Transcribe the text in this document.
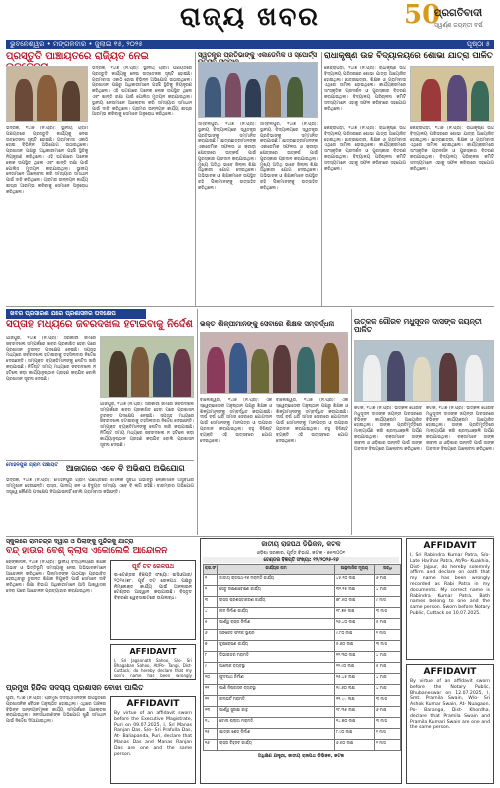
ରାଜ୍ୟ ଖବର	50
ପ୍ରଗତିବାଦୀ
ସ୍ୱର୍ଣ୍ଣ ଜୟନ୍ତୀ ବର୍ଷ
ଭୁବନେଶ୍ୱର • ମଙ୍ଗଳବାର • ଜୁଲାଇ ୧୫, ୨୦୨୫	ପୃଷ୍ଠା ୫
ପ୍ରସ୍ତୁତି ପାଞ୍ଚାୟତରେ ରାଜ୍ୟିତ ନେଇ
ଭଦ୍ରକ, ୧୪ା୭ (ନି.ପ୍ର): ସ୍ଥାନୀୟ ଗ୍ରାମ ପଞ୍ଚାୟତରେ ପ୍ରସ୍ତୁତି କାର୍ଯ୍ୟକୁ ନେଇ ଉତ୍ତେଜନା ସୃଷ୍ଟି ହୋଇଛି। ଗ୍ରାମବାସୀ ଏକାଠି ହୋଇ ବିଭିନ୍ନ ଅଭିଯୋଗ ଉଠାଇଥିଲେ। ପ୍ରଶାସନ ପକ୍ଷରୁ ଅଧିକାରୀମାନେ ପହଞ୍ଚି ସ୍ଥିତିକୁ ନିୟନ୍ତ୍ରଣ କରିଥିଲେ। ଏହି ଘଟଣାରେ ଅନେକ ଲୋକ ଉପସ୍ଥିତ ଥିଲେ ଏବଂ ଶାନ୍ତି ରକ୍ଷା ପାଇଁ ପୋଲିସ ମୁତୟନ କରାଯାଇଥିଲା। ସ୍ଥାନୀୟ ନେତାମାନେ ଆଲୋଚନା କରି ସମସ୍ୟାର ସମାଧାନ ପାଇଁ ଦାବି କରିଥିଲେ। ଗ୍ରାମର ଉନ୍ନୟନ କାର୍ଯ୍ୟ ଶୀଘ୍ର ଆରମ୍ଭ କରିବାକୁ ସେମାନେ ଅନୁରୋଧ କରିଥିଲେ।
ଭଦ୍ରକ, ୧୪ା୭ (ନି.ପ୍ର): ସ୍ଥାନୀୟ ଗ୍ରାମ ପଞ୍ଚାୟତରେ ପ୍ରସ୍ତୁତି କାର୍ଯ୍ୟକୁ ନେଇ ଉତ୍ତେଜନା ସୃଷ୍ଟି ହୋଇଛି। ଗ୍ରାମବାସୀ ଏକାଠି ହୋଇ ବିଭିନ୍ନ ଅଭିଯୋଗ ଉଠାଇଥିଲେ। ପ୍ରଶାସନ ପକ୍ଷରୁ ଅଧିକାରୀମାନେ ପହଞ୍ଚି ସ୍ଥିତିକୁ ନିୟନ୍ତ୍ରଣ କରିଥିଲେ। ଏହି ଘଟଣାରେ ଅନେକ ଲୋକ ଉପସ୍ଥିତ ଥିଲେ ଏବଂ ଶାନ୍ତି ରକ୍ଷା ପାଇଁ ପୋଲିସ ମୁତୟନ କରାଯାଇଥିଲା। ସ୍ଥାନୀୟ ନେତାମାନେ ଆଲୋଚନା କରି ସମସ୍ୟାର ସମାଧାନ ପାଇଁ ଦାବି କରିଥିଲେ। ଗ୍ରାମର ଉନ୍ନୟନ କାର୍ଯ୍ୟ ଶୀଘ୍ର ଆରମ୍ଭ କରିବାକୁ ସେମାନେ ଅନୁରୋଧ କରିଥିଲେ।
ସ୍ୱତନ୍ତ୍ର ପ୍ରତିଭାଙ୍କୁ ଏକାଡେମିକ ଓ ସ୍ପୋର୍ଟ୍ସ
ସମ୍ବଲପୁର, ୧୪ା୭ (ନି.ପ୍ର): ସ୍ଥାନୀୟ ବିଦ୍ୟାଳୟରେ ସ୍ୱତନ୍ତ୍ର ପ୍ରତିଭାଙ୍କୁ ସମ୍ମାନିତ କରାଯାଇଛି। ଛାତ୍ରଛାତ୍ରୀମାନଙ୍କ ଏକାଡେମିକ ସଫଳତା ଓ କ୍ରୀଡ଼ା କ୍ଷେତ୍ରରେ ଉତ୍କର୍ଷ ପାଇଁ ପୁରସ୍କାର ପ୍ରଦାନ କରାଯାଇଥିଲା। ମୁଖ୍ୟ ଅତିଥି ଭାବେ ଜିଲ୍ଲା ଶିକ୍ଷା ଅଧିକାରୀ ଯୋଗ ଦେଇଥିଲେ। ଅଭିଭାବକ ଓ ଶିକ୍ଷକମାନେ ଉପସ୍ଥିତ ରହି ପିଲାମାନଙ୍କୁ ଉତ୍ସାହିତ କରିଥିଲେ।
ସମ୍ବଲପୁର, ୧୪ା୭ (ନି.ପ୍ର): ସ୍ଥାନୀୟ ବିଦ୍ୟାଳୟରେ ସ୍ୱତନ୍ତ୍ର ପ୍ରତିଭାଙ୍କୁ ସମ୍ମାନିତ କରାଯାଇଛି। ଛାତ୍ରଛାତ୍ରୀମାନଙ୍କ ଏକାଡେମିକ ସଫଳତା ଓ କ୍ରୀଡ଼ା କ୍ଷେତ୍ରରେ ଉତ୍କର୍ଷ ପାଇଁ ପୁରସ୍କାର ପ୍ରଦାନ କରାଯାଇଥିଲା। ମୁଖ୍ୟ ଅତିଥି ଭାବେ ଜିଲ୍ଲା ଶିକ୍ଷା ଅଧିକାରୀ ଯୋଗ ଦେଇଥିଲେ। ଅଭିଭାବକ ଓ ଶିକ୍ଷକମାନେ ଉପସ୍ଥିତ ରହି ପିଲାମାନଙ୍କୁ ଉତ୍ସାହିତ କରିଥିଲେ।
ରାଧାକୃଷ୍ଣ ଉଚ୍ଚ ବିଦ୍ୟାଳୟରେ ଶୋଭା ଯାତ୍ରା ପାଳିତ
କେନ୍ଦ୍ରାପଡ଼ା, ୧୪ା୭ (ନି.ପ୍ର): ରାଧାକୃଷ୍ଣ ଉଚ୍ଚ ବିଦ୍ୟାଳୟ ପରିସରରେ ଶୋଭା ଯାତ୍ରା ଆୟୋଜିତ ହୋଇଥିଲା। ଛାତ୍ରଛାତ୍ରୀ, ଶିକ୍ଷକ ଓ ଗ୍ରାମବାସୀ ଏଥିରେ ସାମିଲ ହୋଇଥିଲେ। କାର୍ଯ୍ୟକ୍ରମରେ ସାଂସ୍କୃତିକ ପ୍ରଦର୍ଶନ ଓ ପୁରସ୍କାର ବିତରଣ କରାଯାଇଥିଲା। ବିଦ୍ୟାଳୟ ପରିଚାଳନା କମିଟି ସଦସ୍ୟମାନେ ଏହାକୁ ସଫଳ କରିବାରେ ସହଯୋଗ କରିଥିଲେ।
କେନ୍ଦ୍ରାପଡ଼ା, ୧୪ା୭ (ନି.ପ୍ର): ରାଧାକୃଷ୍ଣ ଉଚ୍ଚ ବିଦ୍ୟାଳୟ ପରିସରରେ ଶୋଭା ଯାତ୍ରା ଆୟୋଜିତ ହୋଇଥିଲା। ଛାତ୍ରଛାତ୍ରୀ, ଶିକ୍ଷକ ଓ ଗ୍ରାମବାସୀ ଏଥିରେ ସାମିଲ ହୋଇଥିଲେ। କାର୍ଯ୍ୟକ୍ରମରେ ସାଂସ୍କୃତିକ ପ୍ରଦର୍ଶନ ଓ ପୁରସ୍କାର ବିତରଣ କରାଯାଇଥିଲା। ବିଦ୍ୟାଳୟ ପରିଚାଳନା କମିଟି ସଦସ୍ୟମାନେ ଏହାକୁ ସଫଳ କରିବାରେ ସହଯୋଗ କରିଥିଲେ।
କେନ୍ଦ୍ରାପଡ଼ା, ୧୪ା୭ (ନି.ପ୍ର): ରାଧାକୃଷ୍ଣ ଉଚ୍ଚ ବିଦ୍ୟାଳୟ ପରିସରରେ ଶୋଭା ଯାତ୍ରା ଆୟୋଜିତ ହୋଇଥିଲା। ଛାତ୍ରଛାତ୍ରୀ, ଶିକ୍ଷକ ଓ ଗ୍ରାମବାସୀ ଏଥିରେ ସାମିଲ ହୋଇଥିଲେ। କାର୍ଯ୍ୟକ୍ରମରେ ସାଂସ୍କୃତିକ ପ୍ରଦର୍ଶନ ଓ ପୁରସ୍କାର ବିତରଣ କରାଯାଇଥିଲା। ବିଦ୍ୟାଳୟ ପରିଚାଳନା କମିଟି ସଦସ୍ୟମାନେ ଏହାକୁ ସଫଳ କରିବାରେ ସହଯୋଗ କରିଥିଲେ।
ଖବର ପ୍ରସାରଣ ଯରେ ପ୍ରଶାସନର ପଦକ୍ଷେପ
ସପ୍ତାହ ମଧ୍ୟରେ ଜବରଦଖଲ ହଟାଇବାକୁ ନିର୍ଦ୍ଦେଶ
ଯାଜପୁର, ୧୪ା୭ (ନି.ପ୍ର): ସରକାରୀ ଜମିରେ ଜବରଦଖଲ ସମ୍ପର୍କରେ ଖବର ପ୍ରକାଶିତ ହେବା ପରେ ପ୍ରଶାସନ ତୁରନ୍ତ ପଦକ୍ଷେପ ନେଇଛି। ସପ୍ତାହ ମଧ୍ୟରେ ଜବରଦଖଲ ହଟାଇବାକୁ ତହସିଲଦାର ନିର୍ଦ୍ଦେଶ ଦେଇଛନ୍ତି। ସମ୍ପୃକ୍ତ ବ୍ୟକ୍ତିମାନଙ୍କୁ ନୋଟିସ ଜାରି କରାଯାଇଛି। ନିର୍ଦ୍ଦିଷ୍ଟ ସମୟ ମଧ୍ୟରେ ଜବରଦଖଲ ନ ହଟିଲେ କଡ଼ା କାର୍ଯ୍ୟାନୁଷ୍ଠାନ ଗ୍ରହଣ କରାଯିବ ବୋଲି ପ୍ରଶାସନ ସୂଚନା ଦେଇଛି।
ଯାଜପୁର, ୧୪ା୭ (ନି.ପ୍ର): ସରକାରୀ ଜମିରେ ଜବରଦଖଲ ସମ୍ପର୍କରେ ଖବର ପ୍ରକାଶିତ ହେବା ପରେ ପ୍ରଶାସନ ତୁରନ୍ତ ପଦକ୍ଷେପ ନେଇଛି। ସପ୍ତାହ ମଧ୍ୟରେ ଜବରଦଖଲ ହଟାଇବାକୁ ତହସିଲଦାର ନିର୍ଦ୍ଦେଶ ଦେଇଛନ୍ତି। ସମ୍ପୃକ୍ତ ବ୍ୟକ୍ତିମାନଙ୍କୁ ନୋଟିସ ଜାରି କରାଯାଇଛି। ନିର୍ଦ୍ଦିଷ୍ଟ ସମୟ ମଧ୍ୟରେ ଜବରଦଖଲ ନ ହଟିଲେ କଡ଼ା କାର୍ଯ୍ୟାନୁଷ୍ଠାନ ଗ୍ରହଣ କରାଯିବ ବୋଲି ପ୍ରଶାସନ ସୂଚନା ଦେଇଛି।
ଭକ୍ତ ଶିଳ୍ପୀମାନଙ୍କୁ ସେବାରେ ଶିକ୍ଷକ ସମ୍ବର୍ଦ୍ଧନା
ବାଲେଶ୍ୱର, ୧୪ା୭ (ନି.ପ୍ର): ଏକ ସ୍ୱେଚ୍ଛାସେବୀ ଅନୁଷ୍ଠାନ ପକ୍ଷରୁ ଶିକ୍ଷକ ଓ ଶିଳ୍ପୀମାନଙ୍କୁ ସମ୍ବର୍ଦ୍ଧିତ କରାଯାଇଛି। ଦୀର୍ଘ ବର୍ଷ ଧରି ସମାଜ ସେବାରେ ଯୋଗଦାନ ପାଇଁ ସେମାନଙ୍କୁ ମାନପତ୍ର ଓ ଉପହାର ପ୍ରଦାନ କରାଯାଇଥିଲା। ବହୁ ବିଶିଷ୍ଟ ବ୍ୟକ୍ତି ଏହି ଉତ୍ସବରେ ଯୋଗ ଦେଇଥିଲେ।
ବାଲେଶ୍ୱର, ୧୪ା୭ (ନି.ପ୍ର): ଏକ ସ୍ୱେଚ୍ଛାସେବୀ ଅନୁଷ୍ଠାନ ପକ୍ଷରୁ ଶିକ୍ଷକ ଓ ଶିଳ୍ପୀମାନଙ୍କୁ ସମ୍ବର୍ଦ୍ଧିତ କରାଯାଇଛି। ଦୀର୍ଘ ବର୍ଷ ଧରି ସମାଜ ସେବାରେ ଯୋଗଦାନ ପାଇଁ ସେମାନଙ୍କୁ ମାନପତ୍ର ଓ ଉପହାର ପ୍ରଦାନ କରାଯାଇଥିଲା। ବହୁ ବିଶିଷ୍ଟ ବ୍ୟକ୍ତି ଏହି ଉତ୍ସବରେ ଯୋଗ ଦେଇଥିଲେ।
ଉତ୍କଳ ଗୌରବ ମଧୁସୂଦନ ଦାସଙ୍କ ଜୟନ୍ତୀ ପାଳିତ
କଟକ, ୧୪ା୭ (ନି.ପ୍ର): ଉତ୍କଳ ଗୌରବ ମଧୁସୂଦନ ଦାସଙ୍କ ଜୟନ୍ତୀ ଅବସରରେ ବିଭିନ୍ନ କାର୍ଯ୍ୟକ୍ରମ ଆୟୋଜିତ ହୋଇଥିଲା। ତାଙ୍କ ପ୍ରତିମୂର୍ତ୍ତିରେ ମାଲ୍ୟାର୍ପଣ କରି ଶ୍ରଦ୍ଧାଞ୍ଜଳି ଅର୍ପଣ କରାଯାଇଥିଲା। ବକ୍ତାମାନେ ତାଙ୍କ ଜୀବନୀ ଓ ଓଡ଼ିଶାର ଉନ୍ନତି ପାଇଁ ତାଙ୍କ ଅବଦାନ ବିଷୟରେ ଆଲୋଚନା କରିଥିଲେ।
କଟକ, ୧୪ା୭ (ନି.ପ୍ର): ଉତ୍କଳ ଗୌରବ ମଧୁସୂଦନ ଦାସଙ୍କ ଜୟନ୍ତୀ ଅବସରରେ ବିଭିନ୍ନ କାର୍ଯ୍ୟକ୍ରମ ଆୟୋଜିତ ହୋଇଥିଲା। ତାଙ୍କ ପ୍ରତିମୂର୍ତ୍ତିରେ ମାଲ୍ୟାର୍ପଣ କରି ଶ୍ରଦ୍ଧାଞ୍ଜଳି ଅର୍ପଣ କରାଯାଇଥିଲା। ବକ୍ତାମାନେ ତାଙ୍କ ଜୀବନୀ ଓ ଓଡ଼ିଶାର ଉନ୍ନତି ପାଇଁ ତାଙ୍କ ଅବଦାନ ବିଷୟରେ ଆଲୋଚନା କରିଥିଲେ।
ମୋହନପୁର ଗ୍ରାମ ପଞ୍ଚାୟତ	ଆଜାଗରେ ଏବେ ବି ଅଭିଶପ ଅଭିଯୋଗ
ଭଦ୍ରକ, ୧୪ା୭ (ନି.ପ୍ର): ମୋହନପୁର ଗ୍ରାମ ପଞ୍ଚାୟତରେ ମୌଳିକ ସୁବିଧା ଅଭାବରୁ ଲୋକମାନେ ଅସୁବିଧାର ସମ୍ମୁଖୀନ ହେଉଛନ୍ତି। ରାସ୍ତା, ପାନୀୟ ଜଳ ଓ ବିଦ୍ୟୁତ ସମସ୍ୟା ଏବେ ବି ଲାଗି ରହିଛି। ବାରମ୍ବାର ଅଭିଯୋଗ ସତ୍ତ୍ୱେ କୌଣସି ପଦକ୍ଷେପ ନିଆଯାଇନାହିଁ ବୋଲି ଗ୍ରାମବାସୀ କହିଛନ୍ତି।
ସ୍କୁଲରେ ରାମଚନ୍ଦ୍ର ଦ୍ୱାର ଓ ପିଲାଙ୍କୁ ମୁନ୍ଦିରକୁ ଯାତ୍ରା
ବନ୍ଦ୍ ହାଉର ବେଶ୍ କ୍ଲାସ ଏକୋଲେକି ଆନ୍ଦୋଳନ
ଢେଙ୍କାନାଳ, ୧୪ା୭ (ନି.ପ୍ର): ସ୍ଥାନୀୟ ବିଦ୍ୟାଳୟରେ ଶିକ୍ଷକ ଅଭାବ ଓ ଭିତ୍ତିଭୂମି ସମସ୍ୟାକୁ ନେଇ ଅଭିଭାବକମାନେ ଆନ୍ଦୋଳନ କରିଥିଲେ। ପିଲାମାନଙ୍କ ପାଠପଢ଼ା ପ୍ରଭାବିତ ହେଉଥିବାରୁ ତୁରନ୍ତ ଶିକ୍ଷକ ନିଯୁକ୍ତି ପାଇଁ ସେମାନେ ଦାବି କରିଥିଲେ। ଶିକ୍ଷା ବିଭାଗ ଅଧିକାରୀମାନେ ଆସି ଆଶ୍ୱାସନା ଦେବା ପରେ ଆନ୍ଦୋଳନ ପ୍ରତ୍ୟାହାର କରାଯାଇଥିଲା।
ପୂର୍ବ ତଟ ରେଳପଥ
ଇ-ଟେଣ୍ଡର ବିଜ୍ଞପ୍ତି ସଂଖ୍ୟା: ଇସିଓଆର/୨୦୨୫/୭୮. ପୂର୍ବ ତଟ ରେଳପଥ ପକ୍ଷରୁ ନିମ୍ନୋକ୍ତ କାର୍ଯ୍ୟ ପାଇଁ ଅନଲାଇନ ଟେଣ୍ଡର ଆହ୍ୱାନ କରାଯାଉଛି। ବିସ୍ତୃତ ବିବରଣୀ ୱେବସାଇଟରେ ଉପଲବ୍ଧ।
AFFIDAVIT
I, Sri Jagannath Sahoo, S/o- Sri Bhagaban Sahoo, At/Po- Tangi, Dist- Cuttack, do hereby declare that my son's name has been wrongly
ପ୍ରମୁଖ ହିନ୍ଦିକ ସଦସ୍ୟ ପ୍ରଶାସନ ବୋଝା ପାଲିତ
ପୁରୀ, ୧୪ା୭ (ନି.ପ୍ର): ପ୍ରମୁଖ ସଦସ୍ୟମାନଙ୍କ ଉପସ୍ଥିତିରେ ପ୍ରଶାସନିକ ବୈଠକ ଅନୁଷ୍ଠିତ ହୋଇଥିଲା। ଏଥିରେ ଅଞ୍ଚଳର ବିଭିନ୍ନ ଉନ୍ନୟନମୂଳକ କାର୍ଯ୍ୟ ସମ୍ପର୍କରେ ଆଲୋଚନା କରାଯାଇଥିଲା। ଜନସାଧାରଣଙ୍କ ଅଭିଯୋଗ ଶୁଣି ସମାଧାନ ପାଇଁ ନିର୍ଦ୍ଦେଶ ଦିଆଯାଇଥିଲା।
AFFIDAVIT
By virtue of an affidavit sworn before the Executive Magistrate, Puri on 09.07.2025, I, Sri Manas Ranjan Das, S/o- Sri Prafulla Das, At- Baliapanda, Puri, declare that Manas Das and Manas Ranjan Das are one and the same person.
ଜାତୀୟ ରାଜପଥ ଡିଭିଜନ, କଟକ
ଓଡ଼ିଶା ସରକାର, ପୂର୍ତ୍ତ ବିଭାଗ, କଟକ - ୭୫୩୦୦୧
ଟେଣ୍ଡର ବିଜ୍ଞପ୍ତି ସଂଖ୍ୟା: ୧୨/୨୦୨୫-୨୬
କ୍ର.ସଂ	କାର୍ଯ୍ୟର ନାମ	ଆନୁମାନିକ ମୂଲ୍ୟ	ଅବଧି
୧	ଜାତୀୟ ରାଜପଥ-୧୬ ମରାମତି କାର୍ଯ୍ୟ	୪୫.୨୦ ଲକ୍ଷ	୬ ମାସ
୨	ସେତୁ ରକ୍ଷଣାବେକ୍ଷଣ କାର୍ଯ୍ୟ	୩୨.୧୫ ଲକ୍ଷ	୪ ମାସ
୩	ରାସ୍ତା ପ୍ରଶସ୍ତୀକରଣ କାର୍ଯ୍ୟ	୭୮.୫୦ ଲକ୍ଷ	୯ ମାସ
୪	ନାଳ ନିର୍ମାଣ କାର୍ଯ୍ୟ	୧୮.୭୫ ଲକ୍ଷ	୩ ମାସ
୫	ପାର୍ଶ୍ୱ ରାସ୍ତା ନିର୍ମାଣ	୨୬.୪୦ ଲକ୍ଷ	୫ ମାସ
୬	ସଙ୍କେତ ଫଳକ ସ୍ଥାପନ	୯.୮୦ ଲକ୍ଷ	୨ ମାସ
୭	ବୃକ୍ଷରୋପଣ କାର୍ଯ୍ୟ	୫.୬୦ ଲକ୍ଷ	୩ ମାସ
୮	ଡିଭାଇଡର ମରାମତି	୧୨.୩୦ ଲକ୍ଷ	୪ ମାସ
୯	ଆଲୋକ ବ୍ୟବସ୍ଥା	୨୨.୯୦ ଲକ୍ଷ	୫ ମାସ
୧୦	ଫୁଟପାଥ ନିର୍ମାଣ	୧୫.୪୫ ଲକ୍ଷ	୪ ମାସ
୧୧	ପାଣି ନିଷ୍କାସନ ବ୍ୟବସ୍ଥା	୧୯.୬୦ ଲକ୍ଷ	୪ ମାସ
୧୨	କଲଭର୍ଟ ମରାମତି	୧୧.২০ ଲକ୍ଷ	୩ ମାସ
୧୩	ପାର୍ଶ୍ୱ ସୁରକ୍ଷା କାନ୍ଥ	୨୮.୩୫ ଲକ୍ଷ	୬ ମାସ
୧୪	ଟୋଲ ପ୍ଲାଜା ମରାମତି	୧୪.୭୦ ଲକ୍ଷ	୩ ମାସ
୧୫	ଯାତ୍ରୀ ଶେଡ୍ ନିର୍ମାଣ	୮.୯୦ ଲକ୍ଷ	୨ ମାସ
୧୬	ରାସ୍ତା ଚିହ୍ନଟ କାର୍ଯ୍ୟ	୬.୫୦ ଲକ୍ଷ	୨ ମାସ
ଅଧିକ୍ଷଣ ଯନ୍ତ୍ରୀ, ଜାତୀୟ ରାଜପଥ ଡିଭିଜନ, କଟକ
AFFIDAVIT
I, Sri Rabindra Kumar Patra, S/o- Late Harihar Patra, At/Po- Kuakhia, Dist- Jajpur, do hereby solemnly affirm and declare on oath that my name has been wrongly recorded as Rabi Patra in my documents. My correct name is Rabindra Kumar Patra. Both names belong to one and the same person. Sworn before Notary Public, Cuttack on 10.07.2025.
AFFIDAVIT
By virtue of an affidavit sworn before the Notary Public, Bhubaneswar on 12.07.2025, I, Smt. Pramila Swain, W/o- Sri Ashok Kumar Swain, At- Nuagaon, Po- Baranga, Dist- Khordha, declare that Pramila Swain and Pramila Kumari Swain are one and the same person.
